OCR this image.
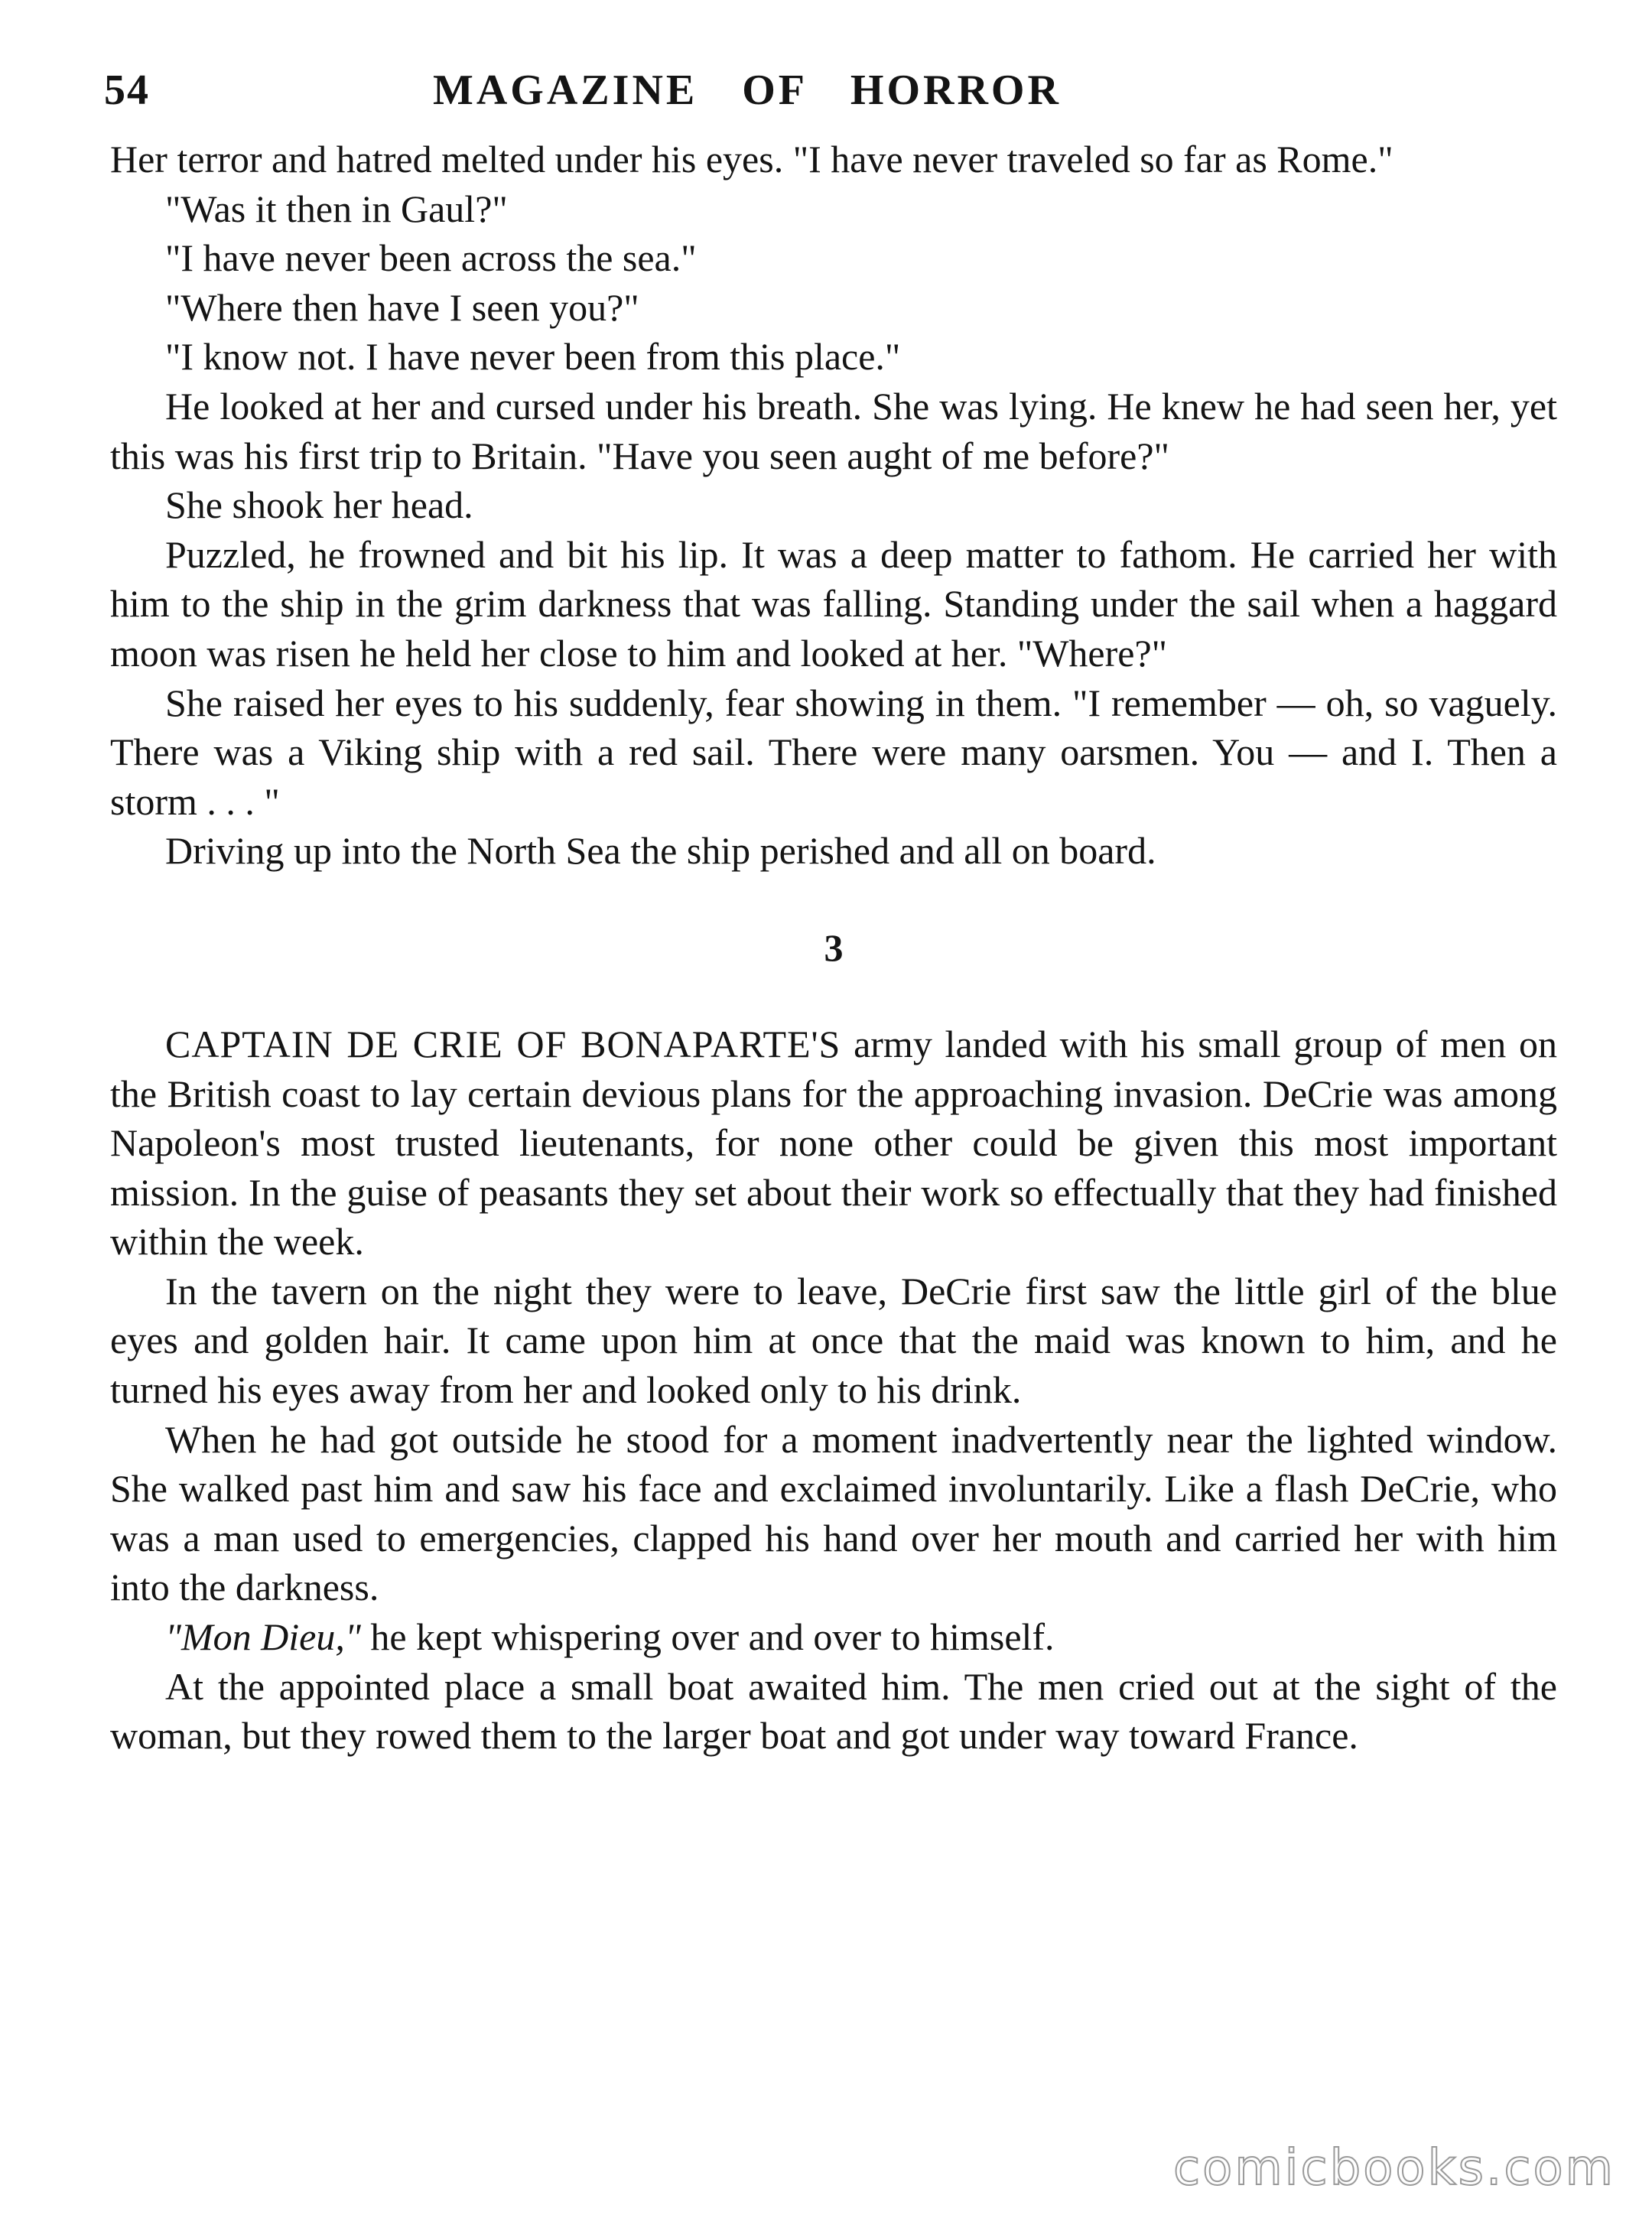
54	MAGAZINE OF HORROR

Her terror and hatred melted under his eyes. "I have never traveled so far as Rome."

"Was it then in Gaul?"

"I have never been across the sea."

"Where then have I seen you?"

"I know not. I have never been from this place."

He looked at her and cursed under his breath. She was lying. He knew he had seen her, yet this was his first trip to Britain. "Have you seen aught of me before?"

She shook her head.

Puzzled, he frowned and bit his lip. It was a deep matter to fathom. He carried her with him to the ship in the grim darkness that was falling. Standing under the sail when a haggard moon was risen he held her close to him and looked at her. "Where?"

She raised her eyes to his suddenly, fear showing in them. "I remember — oh, so vaguely. There was a Viking ship with a red sail. There were many oarsmen. You — and I. Then a storm . . . "

Driving up into the North Sea the ship perished and all on board.

3

CAPTAIN DE CRIE OF BONAPARTE'S army landed with his small group of men on the British coast to lay certain devious plans for the approaching invasion. DeCrie was among Napoleon's most trusted lieutenants, for none other could be given this most important mission. In the guise of peasants they set about their work so effectually that they had finished within the week.

In the tavern on the night they were to leave, DeCrie first saw the little girl of the blue eyes and golden hair. It came upon him at once that the maid was known to him, and he turned his eyes away from her and looked only to his drink.

When he had got outside he stood for a moment inadvertently near the lighted window. She walked past him and saw his face and exclaimed involuntarily. Like a flash DeCrie, who was a man used to emergencies, clapped his hand over her mouth and carried her with him into the darkness.

"Mon Dieu," he kept whispering over and over to himself.

At the appointed place a small boat awaited him. The men cried out at the sight of the woman, but they rowed them to the larger boat and got under way toward France.

comicbooks.com
